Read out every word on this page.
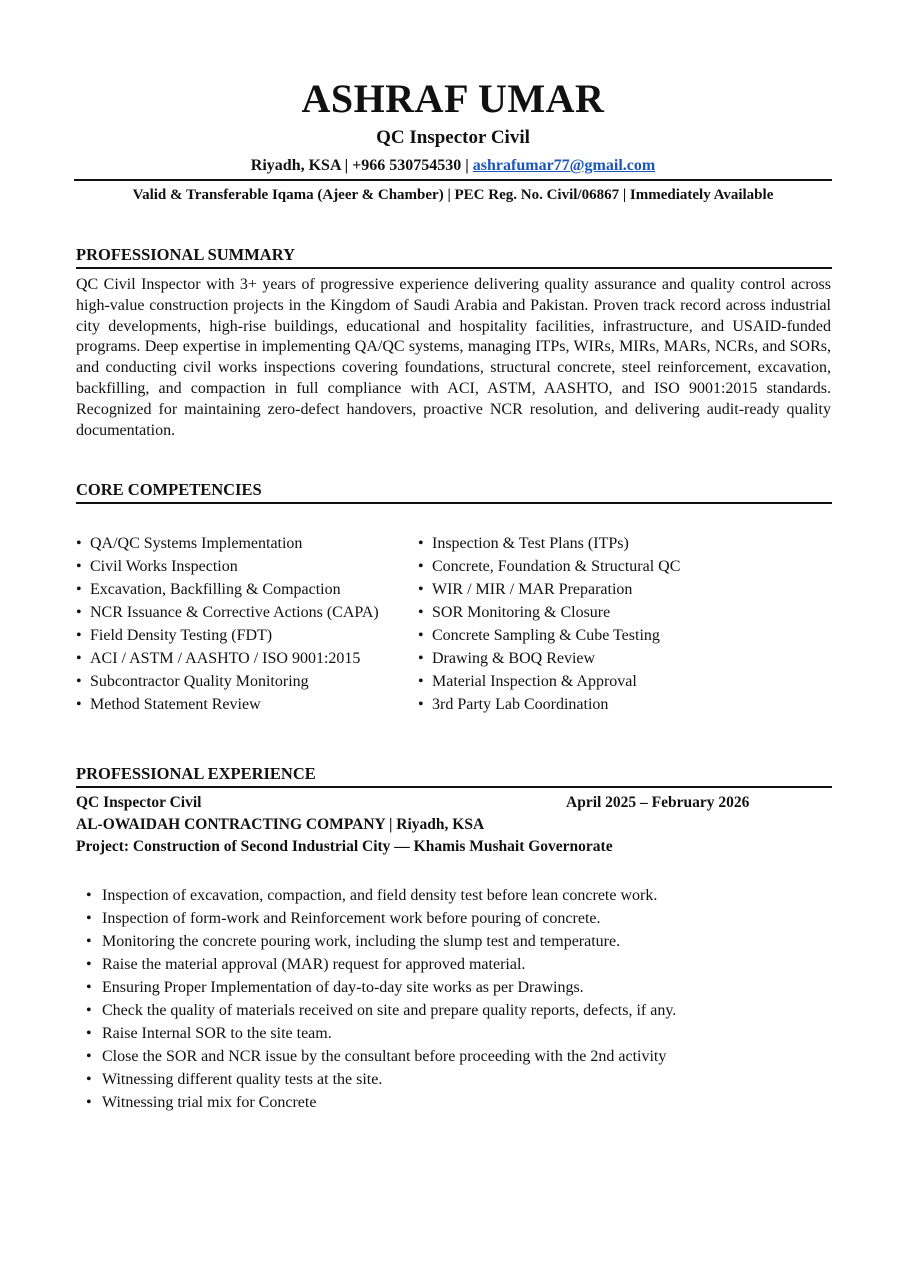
ASHRAF UMAR
QC Inspector Civil
Riyadh, KSA | +966 530754530 | ashrafumar77@gmail.com
Valid & Transferable Iqama (Ajeer & Chamber) | PEC Reg. No. Civil/06867 | Immediately Available
PROFESSIONAL SUMMARY

QC Civil Inspector with 3+ years of progressive experience delivering quality assurance and quality control across high-value construction projects in the Kingdom of Saudi Arabia and Pakistan. Proven track record across industrial city developments, high-rise buildings, educational and hospitality facilities, infrastructure, and USAID-funded programs. Deep expertise in implementing QA/QC systems, managing ITPs, WIRs, MIRs, MARs, NCRs, and SORs, and conducting civil works inspections covering foundations, structural concrete, steel reinforcement, excavation, backfilling, and compaction in full compliance with ACI, ASTM, AASHTO, and ISO 9001:2015 standards. Recognized for maintaining zero-defect handovers, proactive NCR resolution, and delivering audit-ready quality documentation.

CORE COMPETENCIES
• QA/QC Systems Implementation
• Civil Works Inspection
• Excavation, Backfilling & Compaction
• NCR Issuance & Corrective Actions (CAPA)
• Field Density Testing (FDT)
• ACI / ASTM / AASHTO / ISO 9001:2015
• Subcontractor Quality Monitoring
• Method Statement Review
• Inspection & Test Plans (ITPs)
• Concrete, Foundation & Structural QC
• WIR / MIR / MAR Preparation
• SOR Monitoring & Closure
• Concrete Sampling & Cube Testing
• Drawing & BOQ Review
• Material Inspection & Approval
• 3rd Party Lab Coordination
PROFESSIONAL EXPERIENCE
QC Inspector Civil	April 2025 – February 2026
AL-OWAIDAH CONTRACTING COMPANY | Riyadh, KSA
Project: Construction of Second Industrial City — Khamis Mushait Governorate
• Inspection of excavation, compaction, and field density test before lean concrete work.
• Inspection of form-work and Reinforcement work before pouring of concrete.
• Monitoring the concrete pouring work, including the slump test and temperature.
• Raise the material approval (MAR) request for approved material.
• Ensuring Proper Implementation of day-to-day site works as per Drawings.
• Check the quality of materials received on site and prepare quality reports, defects, if any.
• Raise Internal SOR to the site team.
• Close the SOR and NCR issue by the consultant before proceeding with the 2nd activity
• Witnessing different quality tests at the site.
• Witnessing trial mix for Concrete
